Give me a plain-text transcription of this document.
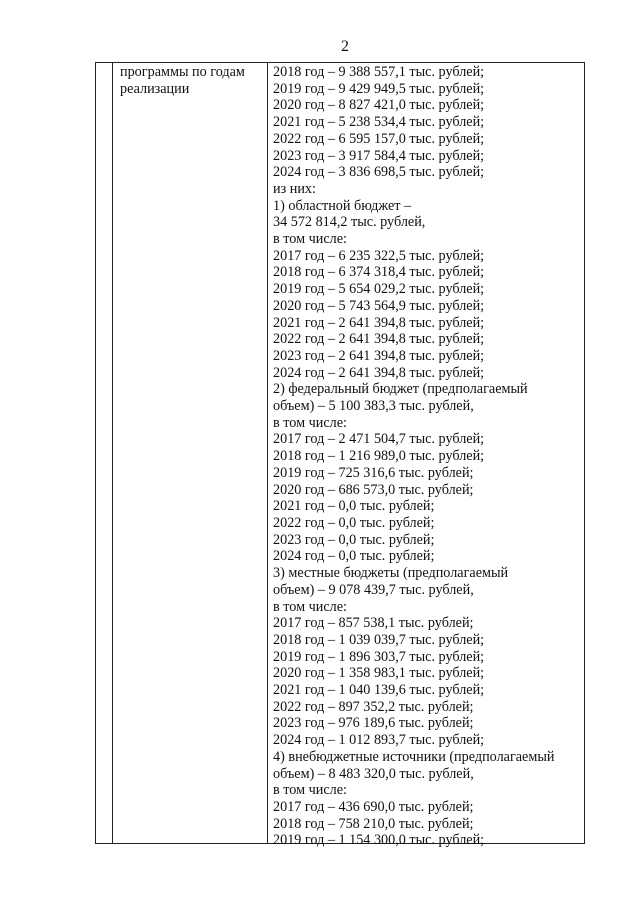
2
программы по годам
реализации
2018 год – 9 388 557,1 тыс. рублей;
2019 год – 9 429 949,5 тыс. рублей;
2020 год – 8 827 421,0 тыс. рублей;
2021 год – 5 238 534,4 тыс. рублей;
2022 год – 6 595 157,0 тыс. рублей;
2023 год – 3 917 584,4 тыс. рублей;
2024 год – 3 836 698,5 тыс. рублей;
из них:
1) областной бюджет –
34 572 814,2 тыс. рублей,
в том числе:
2017 год – 6 235 322,5 тыс. рублей;
2018 год – 6 374 318,4 тыс. рублей;
2019 год – 5 654 029,2 тыс. рублей;
2020 год – 5 743 564,9 тыс. рублей;
2021 год – 2 641 394,8 тыс. рублей;
2022 год – 2 641 394,8 тыс. рублей;
2023 год – 2 641 394,8 тыс. рублей;
2024 год – 2 641 394,8 тыс. рублей;
2) федеральный бюджет (предполагаемый
объем) – 5 100 383,3 тыс. рублей,
в том числе:
2017 год – 2 471 504,7 тыс. рублей;
2018 год – 1 216 989,0 тыс. рублей;
2019 год – 725 316,6 тыс. рублей;
2020 год – 686 573,0 тыс. рублей;
2021 год – 0,0 тыс. рублей;
2022 год – 0,0 тыс. рублей;
2023 год – 0,0 тыс. рублей;
2024 год – 0,0 тыс. рублей;
3) местные бюджеты (предполагаемый
объем) – 9 078 439,7 тыс. рублей,
в том числе:
2017 год – 857 538,1 тыс. рублей;
2018 год – 1 039 039,7 тыс. рублей;
2019 год – 1 896 303,7 тыс. рублей;
2020 год – 1 358 983,1 тыс. рублей;
2021 год – 1 040 139,6 тыс. рублей;
2022 год – 897 352,2 тыс. рублей;
2023 год – 976 189,6 тыс. рублей;
2024 год – 1 012 893,7 тыс. рублей;
4) внебюджетные источники (предполагаемый
объем) – 8 483 320,0 тыс. рублей,
в том числе:
2017 год – 436 690,0 тыс. рублей;
2018 год – 758 210,0 тыс. рублей;
2019 год – 1 154 300,0 тыс. рублей;
